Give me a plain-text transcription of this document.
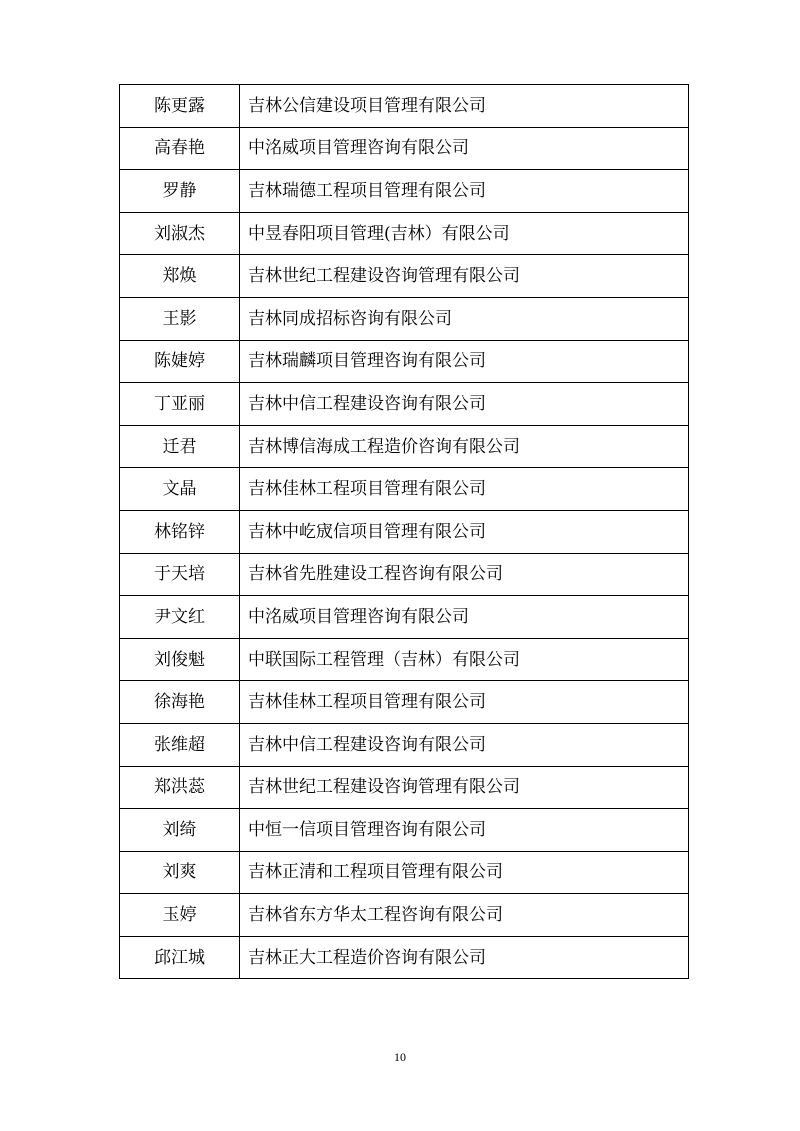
陈更露	吉林公信建设项目管理有限公司
高春艳	中洺威项目管理咨询有限公司
罗静	吉林瑞德工程项目管理有限公司
刘淑杰	中昱春阳项目管理(吉林）有限公司
郑焕	吉林世纪工程建设咨询管理有限公司
王影	吉林同成招标咨询有限公司
陈婕婷	吉林瑞麟项目管理咨询有限公司
丁亚丽	吉林中信工程建设咨询有限公司
迁君	吉林博信海成工程造价咨询有限公司
文晶	吉林佳林工程项目管理有限公司
林铭锌	吉林中屹宬信项目管理有限公司
于天培	吉林省先胜建设工程咨询有限公司
尹文红	中洺威项目管理咨询有限公司
刘俊魁	中联国际工程管理（吉林）有限公司
徐海艳	吉林佳林工程项目管理有限公司
张维超	吉林中信工程建设咨询有限公司
郑洪蕊	吉林世纪工程建设咨询管理有限公司
刘绮	中恒一信项目管理咨询有限公司
刘爽	吉林正清和工程项目管理有限公司
玉婷	吉林省东方华太工程咨询有限公司
邱江城	吉林正大工程造价咨询有限公司
10
